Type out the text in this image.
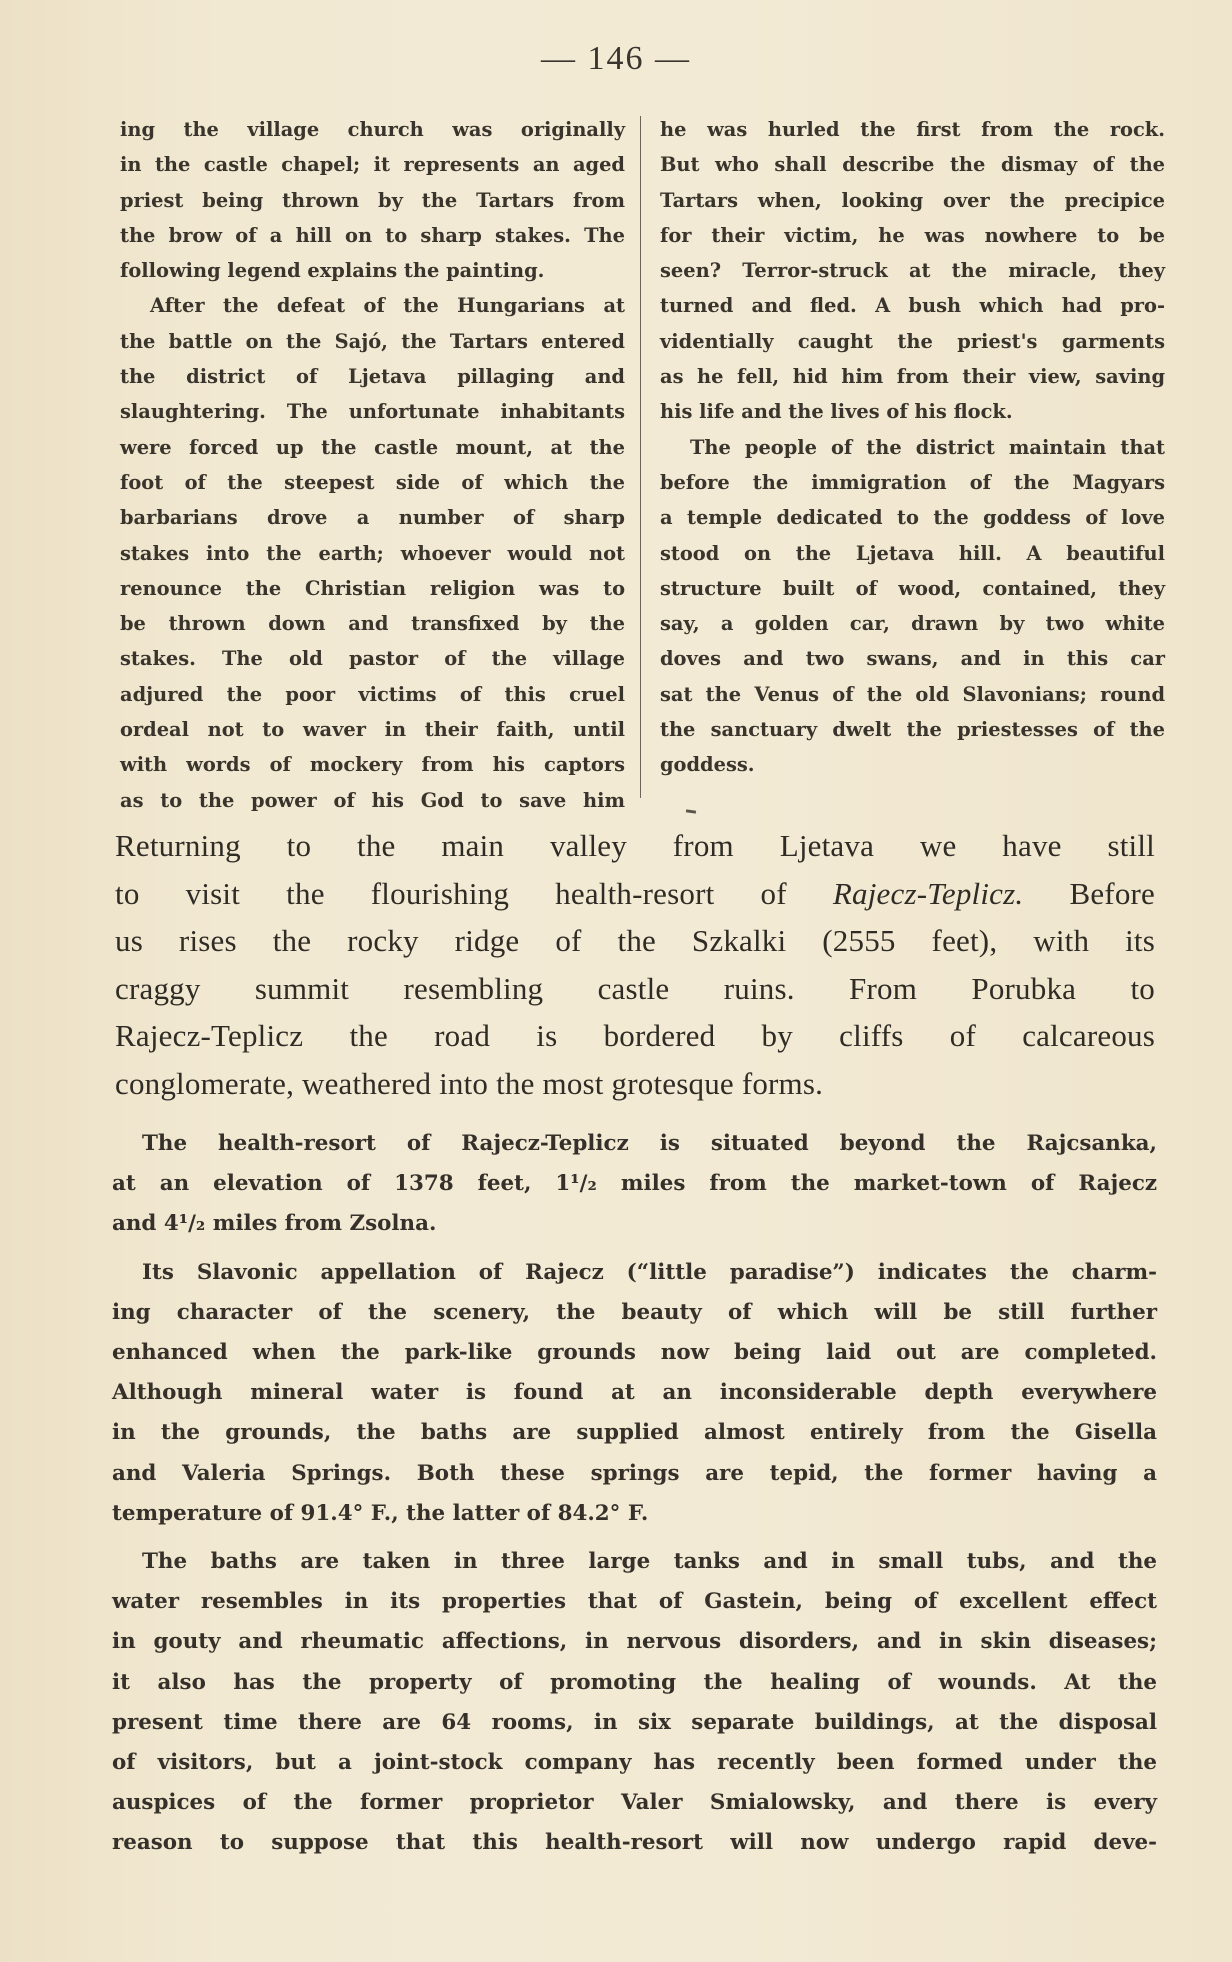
— 146 —
ing the village church was originally
in the castle chapel; it represents an aged
priest being thrown by the Tartars from
the brow of a hill on to sharp stakes. The
following legend explains the painting.
After the defeat of the Hungarians at
the battle on the Sajó, the Tartars entered
the district of Ljetava pillaging and
slaughtering. The unfortunate inhabitants
were forced up the castle mount, at the
foot of the steepest side of which the
barbarians drove a number of sharp
stakes into the earth; whoever would not
renounce the Christian religion was to
be thrown down and transfixed by the
stakes. The old pastor of the village
adjured the poor victims of this cruel
ordeal not to waver in their faith, until
with words of mockery from his captors
as to the power of his God to save him
he was hurled the first from the rock.
But who shall describe the dismay of the
Tartars when, looking over the precipice
for their victim, he was nowhere to be
seen? Terror-struck at the miracle, they
turned and fled. A bush which had pro-
videntially caught the priest's garments
as he fell, hid him from their view, saving
his life and the lives of his flock.
The people of the district maintain that
before the immigration of the Magyars
a temple dedicated to the goddess of love
stood on the Ljetava hill. A beautiful
structure built of wood, contained, they
say, a golden car, drawn by two white
doves and two swans, and in this car
sat the Venus of the old Slavonians; round
the sanctuary dwelt the priestesses of the
goddess.
Returning to the main valley from Ljetava we have still
to visit the flourishing health-resort of Rajecz-Teplicz. Before
us rises the rocky ridge of the Szkalki (2555 feet), with its
craggy summit resembling castle ruins. From Porubka to
Rajecz-Teplicz the road is bordered by cliffs of calcareous
conglomerate, weathered into the most grotesque forms.
The health-resort of Rajecz-Teplicz is situated beyond the Rajcsanka,
at an elevation of 1378 feet, 1¹/₂ miles from the market-town of Rajecz
and 4¹/₂ miles from Zsolna.
Its Slavonic appellation of Rajecz (“little paradise”) indicates the charm-
ing character of the scenery, the beauty of which will be still further
enhanced when the park-like grounds now being laid out are completed.
Although mineral water is found at an inconsiderable depth everywhere
in the grounds, the baths are supplied almost entirely from the Gisella
and Valeria Springs. Both these springs are tepid, the former having a
temperature of 91.4° F., the latter of 84.2° F.
The baths are taken in three large tanks and in small tubs, and the
water resembles in its properties that of Gastein, being of excellent effect
in gouty and rheumatic affections, in nervous disorders, and in skin diseases;
it also has the property of promoting the healing of wounds. At the
present time there are 64 rooms, in six separate buildings, at the disposal
of visitors, but a joint-stock company has recently been formed under the
auspices of the former proprietor Valer Smialowsky, and there is every
reason to suppose that this health-resort will now undergo rapid deve-
